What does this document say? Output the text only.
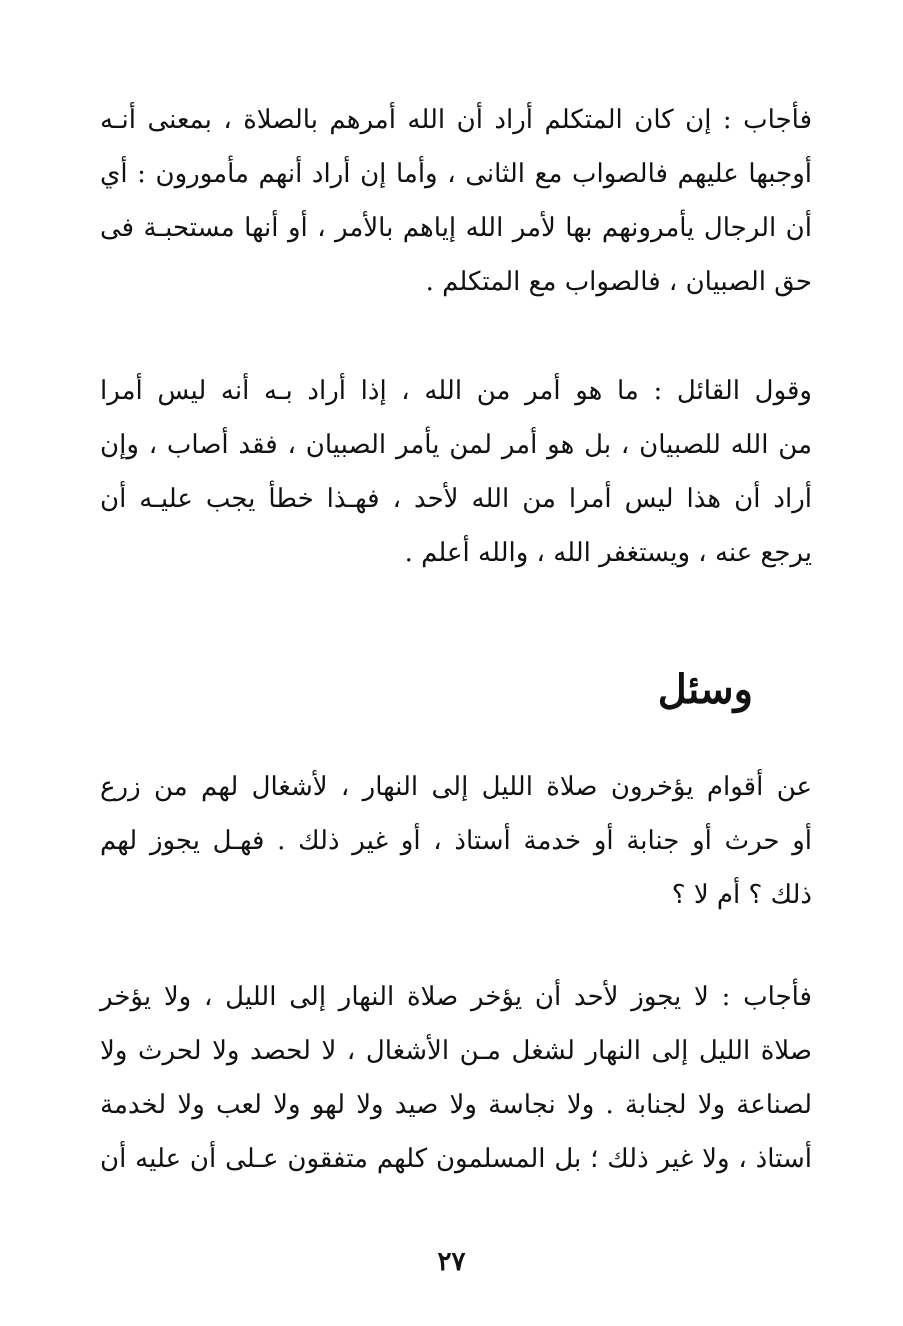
فأجاب : إن كان المتكلم أراد أن الله أمرهم بالصلاة ، بمعنى أنـه
أوجبها عليهم فالصواب مع الثانى ، وأما إن أراد أنهم مأمورون : أي
أن الرجال يأمرونهم بها لأمر الله إياهم بالأمر ، أو أنها مستحبـة فى
حق الصبيان ، فالصواب مع المتكلم .
وقول القائل : ما هو أمر من الله ، إذا أراد بـه أنه ليس أمرا
من الله للصبيان ، بل هو أمر لمن يأمر الصبيان ، فقد أصاب ، وإن
أراد أن هذا ليس أمرا من الله لأحد ، فهـذا خطأ يجب عليـه أن
يرجع عنه ، ويستغفر الله ، والله أعلم .
وسئل
عن أقوام يؤخرون صلاة الليل إلى النهار ، لأشغال لهم من زرع
أو حرث أو جنابة أو خدمة أستاذ ، أو غير ذلك . فهـل يجوز لهم
ذلك ؟ أم لا ؟
فأجاب : لا يجوز لأحد أن يؤخر صلاة النهار إلى الليل ، ولا يؤخر
صلاة الليل إلى النهار لشغل مـن الأشغال ، لا لحصد ولا لحرث ولا
لصناعة ولا لجنابة . ولا نجاسة ولا صيد ولا لهو ولا لعب ولا لخدمة
أستاذ ، ولا غير ذلك ؛ بل المسلمون كلهم متفقون عـلى أن عليه أن
٢٧
